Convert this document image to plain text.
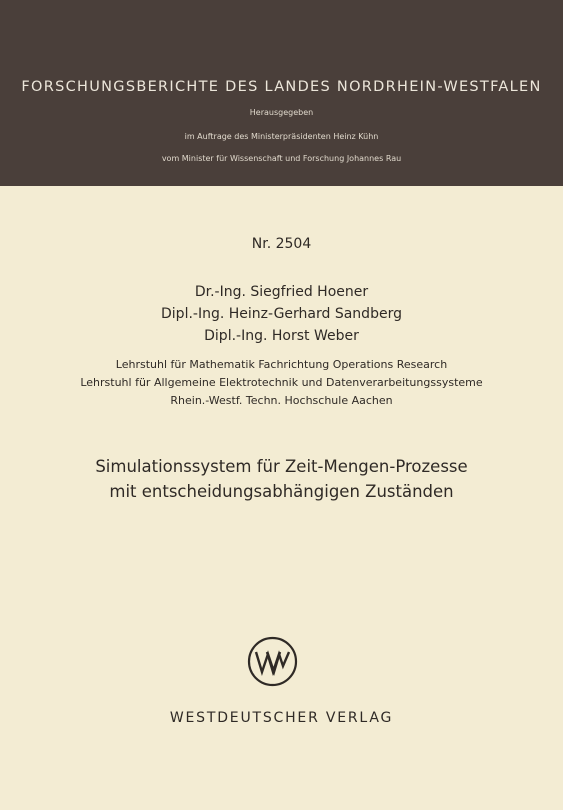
FORSCHUNGSBERICHTE DES LANDES NORDRHEIN-WESTFALEN
Herausgegeben
im Auftrage des Ministerpräsidenten Heinz Kühn
vom Minister für Wissenschaft und Forschung Johannes Rau
Nr. 2504
Dr.-Ing. Siegfried Hoener
Dipl.-Ing. Heinz-Gerhard Sandberg
Dipl.-Ing. Horst Weber
Lehrstuhl für Mathematik Fachrichtung Operations Research
Lehrstuhl für Allgemeine Elektrotechnik und Datenverarbeitungssysteme
Rhein.-Westf. Techn. Hochschule Aachen
Simulationssystem für Zeit-Mengen-Prozesse
mit entscheidungsabhängigen Zuständen
WESTDEUTSCHER VERLAG
